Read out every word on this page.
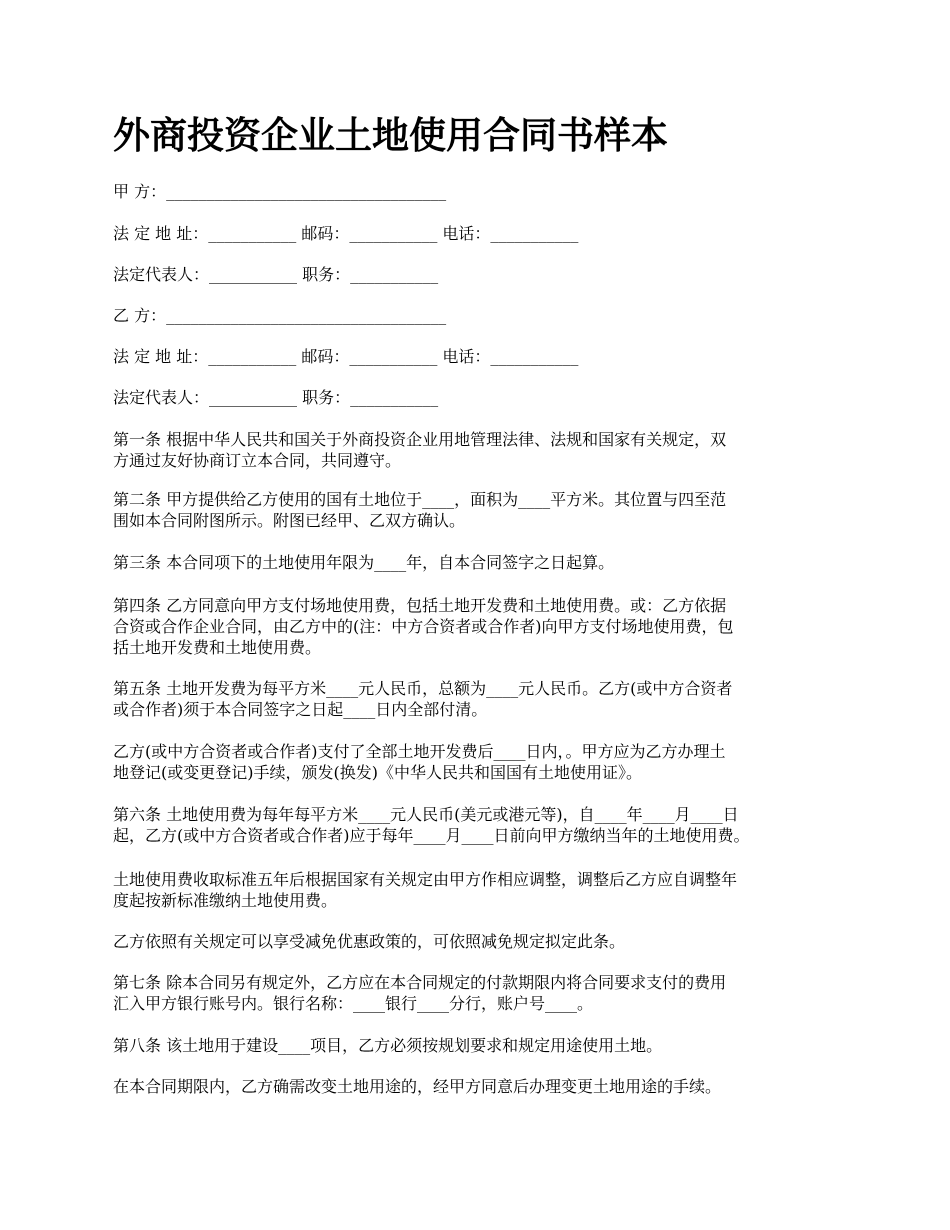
外商投资企业土地使用合同书样本

甲 方：___________________________________

法 定 地 址：___________ 邮码：___________ 电话：___________

法定代表人：___________ 职务：___________

乙 方：___________________________________

法 定 地 址：___________ 邮码：___________ 电话：___________

法定代表人：___________ 职务：___________

第一条 根据中华人民共和国关于外商投资企业用地管理法律、法规和国家有关规定，双
方通过友好协商订立本合同，共同遵守。

第二条 甲方提供给乙方使用的国有土地位于____，面积为____平方米。其位置与四至范
围如本合同附图所示。附图已经甲、乙双方确认。

第三条 本合同项下的土地使用年限为____年，自本合同签字之日起算。

第四条 乙方同意向甲方支付场地使用费，包括土地开发费和土地使用费。或：乙方依据
合资或合作企业合同，由乙方中的(注：中方合资者或合作者)向甲方支付场地使用费，包
括土地开发费和土地使用费。

第五条 土地开发费为每平方米____元人民币，总额为____元人民币。乙方(或中方合资者
或合作者)须于本合同签字之日起____日内全部付清。

乙方(或中方合资者或合作者)支付了全部土地开发费后____日内，。甲方应为乙方办理土
地登记(或变更登记)手续，颁发(换发)《中华人民共和国国有土地使用证》。

第六条 土地使用费为每年每平方米____元人民币(美元或港元等)，自____年____月____日
起，乙方(或中方合资者或合作者)应于每年____月____日前向甲方缴纳当年的土地使用费。

土地使用费收取标准五年后根据国家有关规定由甲方作相应调整，调整后乙方应自调整年
度起按新标准缴纳土地使用费。

乙方依照有关规定可以享受减免优惠政策的，可依照减免规定拟定此条。

第七条 除本合同另有规定外，乙方应在本合同规定的付款期限内将合同要求支付的费用
汇入甲方银行账号内。银行名称：____银行____分行，账户号____。

第八条 该土地用于建设____项目，乙方必须按规划要求和规定用途使用土地。

在本合同期限内，乙方确需改变土地用途的，经甲方同意后办理变更土地用途的手续。
